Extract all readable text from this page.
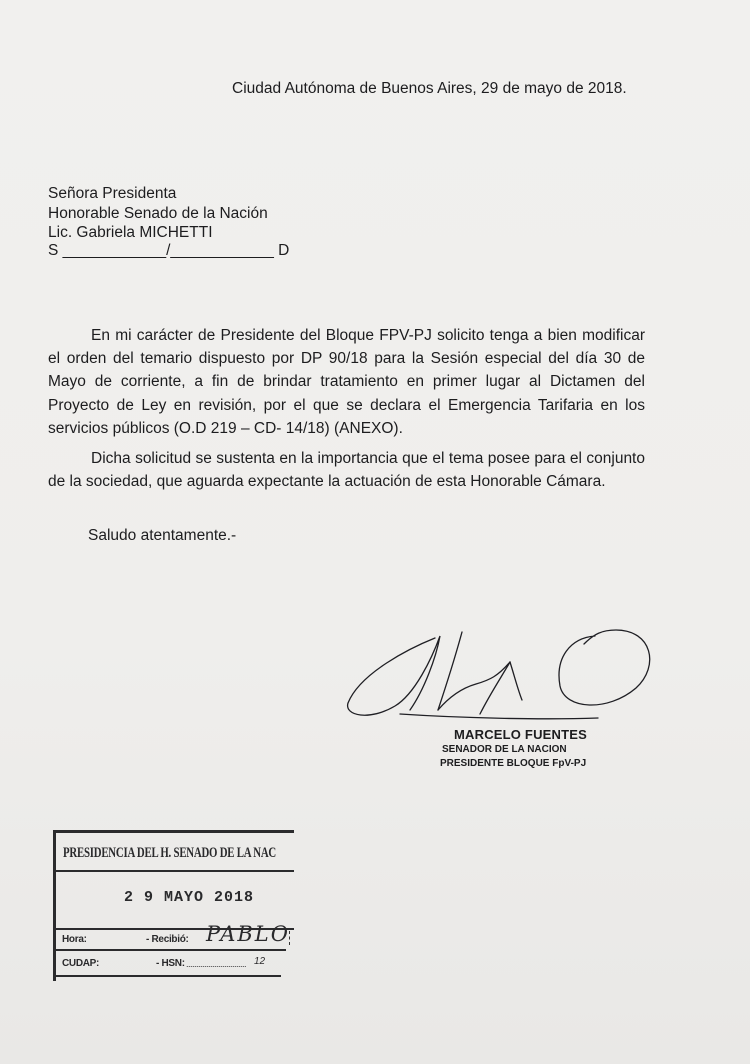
Ciudad Autónoma de Buenos Aires, 29 de mayo de 2018.
Señora Presidenta
Honorable Senado de la Nación
Lic. Gabriela MICHETTI
S ____________/____________ D
En mi carácter de Presidente del Bloque FPV-PJ solicito tenga a bien modificar el orden del temario dispuesto por DP 90/18 para la Sesión especial del día 30 de Mayo de corriente, a fin de brindar tratamiento en primer lugar al Dictamen del Proyecto de Ley en revisión, por el que se declara el Emergencia Tarifaria en los servicios públicos (O.D 219 – CD- 14/18) (ANEXO).
Dicha solicitud se sustenta en la importancia que el tema posee para el conjunto de la sociedad, que aguarda expectante la actuación de esta Honorable Cámara.
Saludo atentamente.-
MARCELO FUENTES
SENADOR DE LA NACION
PRESIDENTE BLOQUE FpV-PJ
PRESIDENCIA DEL H. SENADO DE LA NAC
2 9 MAYO 2018
Hora:	- Recibió: PABLO
CUDAP:	- HSN: .............................. 12
